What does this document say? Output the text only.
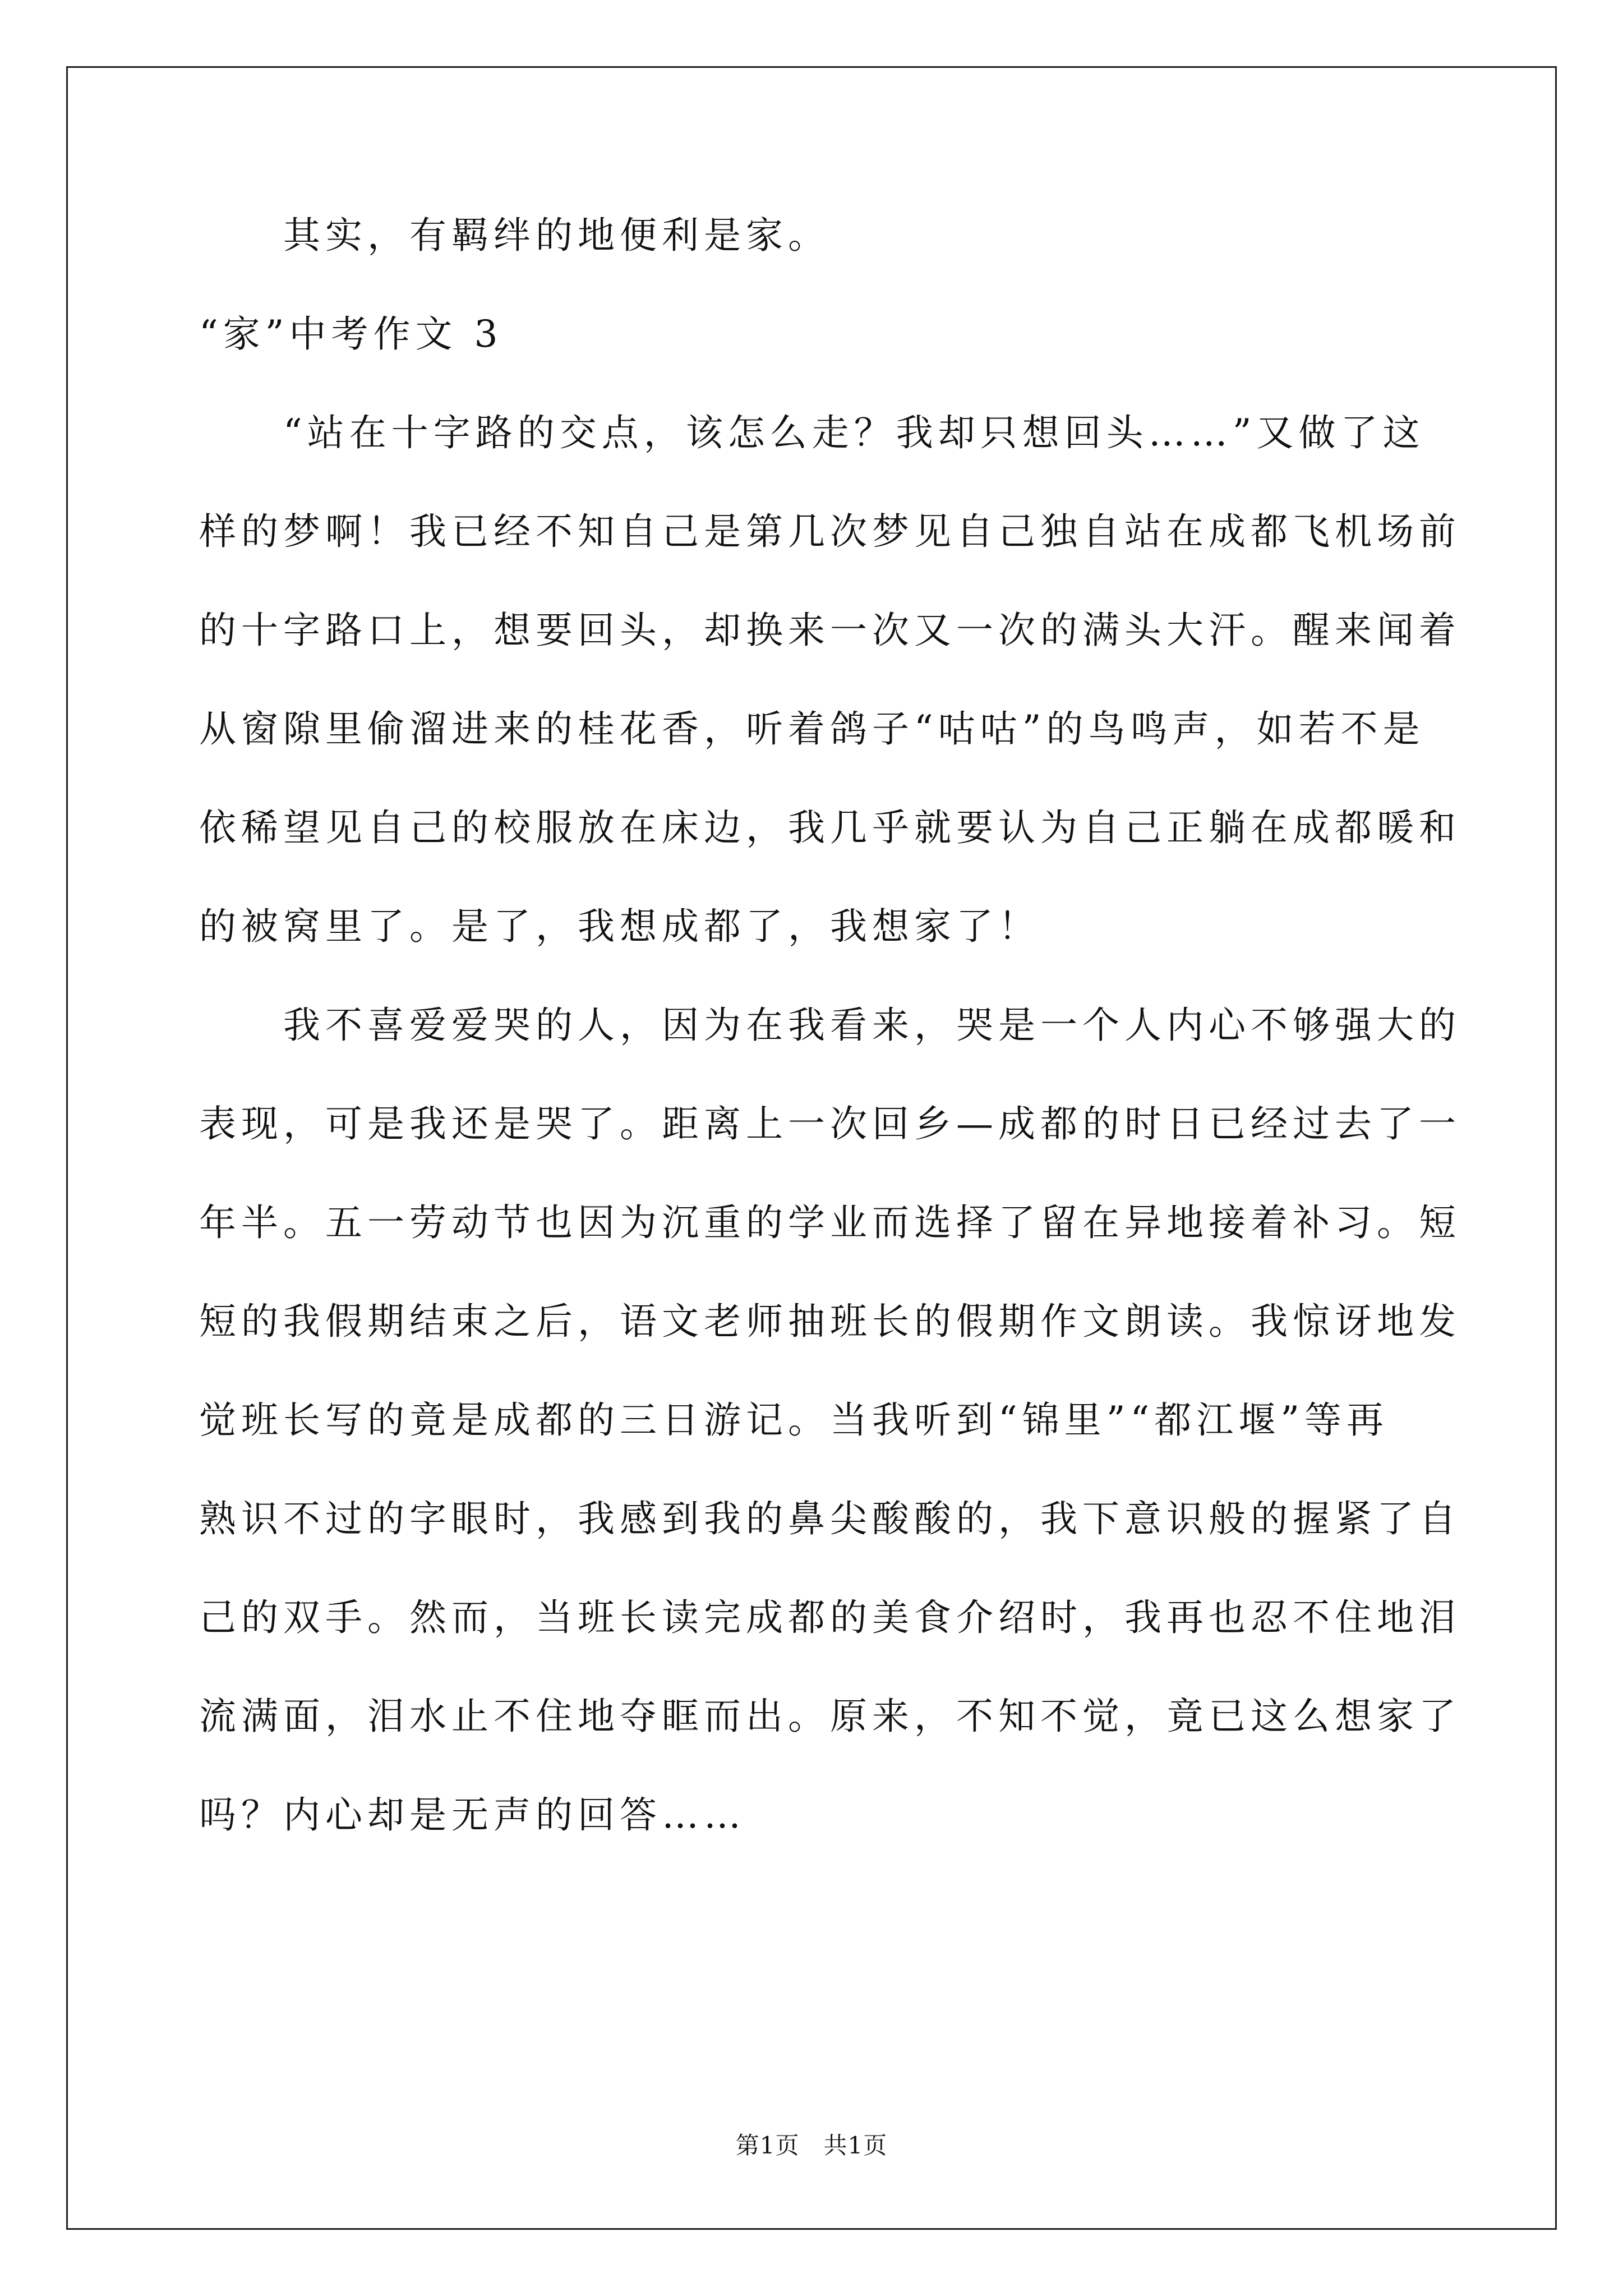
　　其实，有羁绊的地便利是家。
“家”中考作文 3
　　“站在十字路的交点，该怎么走？我却只想回头……”又做了这
样的梦啊！我已经不知自己是第几次梦见自己独自站在成都飞机场前
的十字路口上，想要回头，却换来一次又一次的满头大汗。醒来闻着
从窗隙里偷溜进来的桂花香，听着鸽子“咕咕”的鸟鸣声，如若不是
依稀望见自己的校服放在床边，我几乎就要认为自己正躺在成都暖和
的被窝里了。是了，我想成都了，我想家了！
　　我不喜爱爱哭的人，因为在我看来，哭是一个人内心不够强大的
表现，可是我还是哭了。距离上一次回乡—成都的时日已经过去了一
年半。五一劳动节也因为沉重的学业而选择了留在异地接着补习。短
短的我假期结束之后，语文老师抽班长的假期作文朗读。我惊讶地发
觉班长写的竟是成都的三日游记。当我听到“锦里”“都江堰”等再
熟识不过的字眼时，我感到我的鼻尖酸酸的，我下意识般的握紧了自
己的双手。然而，当班长读完成都的美食介绍时，我再也忍不住地泪
流满面，泪水止不住地夺眶而出。原来，不知不觉，竟已这么想家了
吗？内心却是无声的回答……
第1页　共1页
